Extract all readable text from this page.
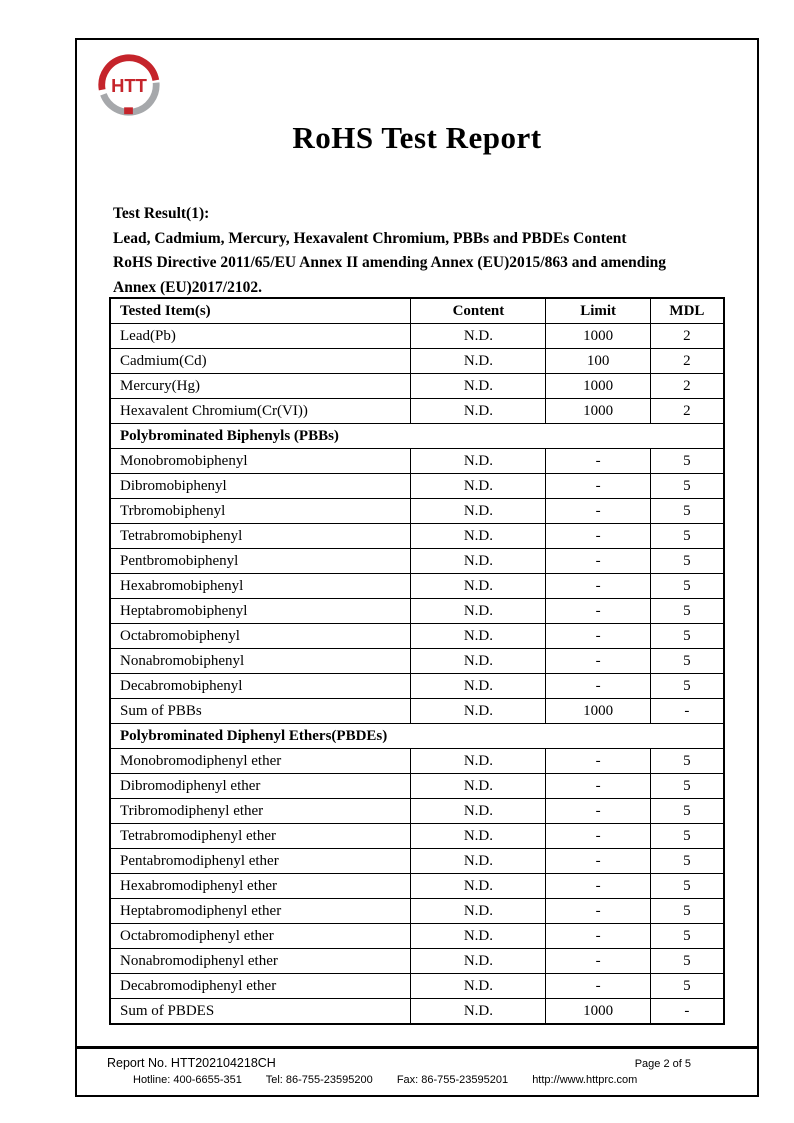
HTT
RoHS Test Report
Test Result(1):
Lead, Cadmium, Mercury, Hexavalent Chromium, PBBs and PBDEs Content
RoHS Directive 2011/65/EU Annex II amending Annex (EU)2015/863 and amending
Annex (EU)2017/2102.
Tested Item(s)	Content	Limit	MDL
Lead(Pb)	N.D.	1000	2
Cadmium(Cd)	N.D.	100	2
Mercury(Hg)	N.D.	1000	2
Hexavalent Chromium(Cr(VI))	N.D.	1000	2
Polybrominated Biphenyls (PBBs)			
Monobromobiphenyl	N.D.	-	5
Dibromobiphenyl	N.D.	-	5
Trbromobiphenyl	N.D.	-	5
Tetrabromobiphenyl	N.D.	-	5
Pentbromobiphenyl	N.D.	-	5
Hexabromobiphenyl	N.D.	-	5
Heptabromobiphenyl	N.D.	-	5
Octabromobiphenyl	N.D.	-	5
Nonabromobiphenyl	N.D.	-	5
Decabromobiphenyl	N.D.	-	5
Sum of PBBs	N.D.	1000	-
Polybrominated Diphenyl Ethers(PBDEs)			
Monobromodiphenyl ether	N.D.	-	5
Dibromodiphenyl ether	N.D.	-	5
Tribromodiphenyl ether	N.D.	-	5
Tetrabromodiphenyl ether	N.D.	-	5
Pentabromodiphenyl ether	N.D.	-	5
Hexabromodiphenyl ether	N.D.	-	5
Heptabromodiphenyl ether	N.D.	-	5
Octabromodiphenyl ether	N.D.	-	5
Nonabromodiphenyl ether	N.D.	-	5
Decabromodiphenyl ether	N.D.	-	5
Sum of PBDES	N.D.	1000	-
Report No. HTT202104218CH	Page 2 of 5
Hotline: 400-6655-351 Tel: 86-755-23595200 Fax: 86-755-23595201 http://www.httprc.com
